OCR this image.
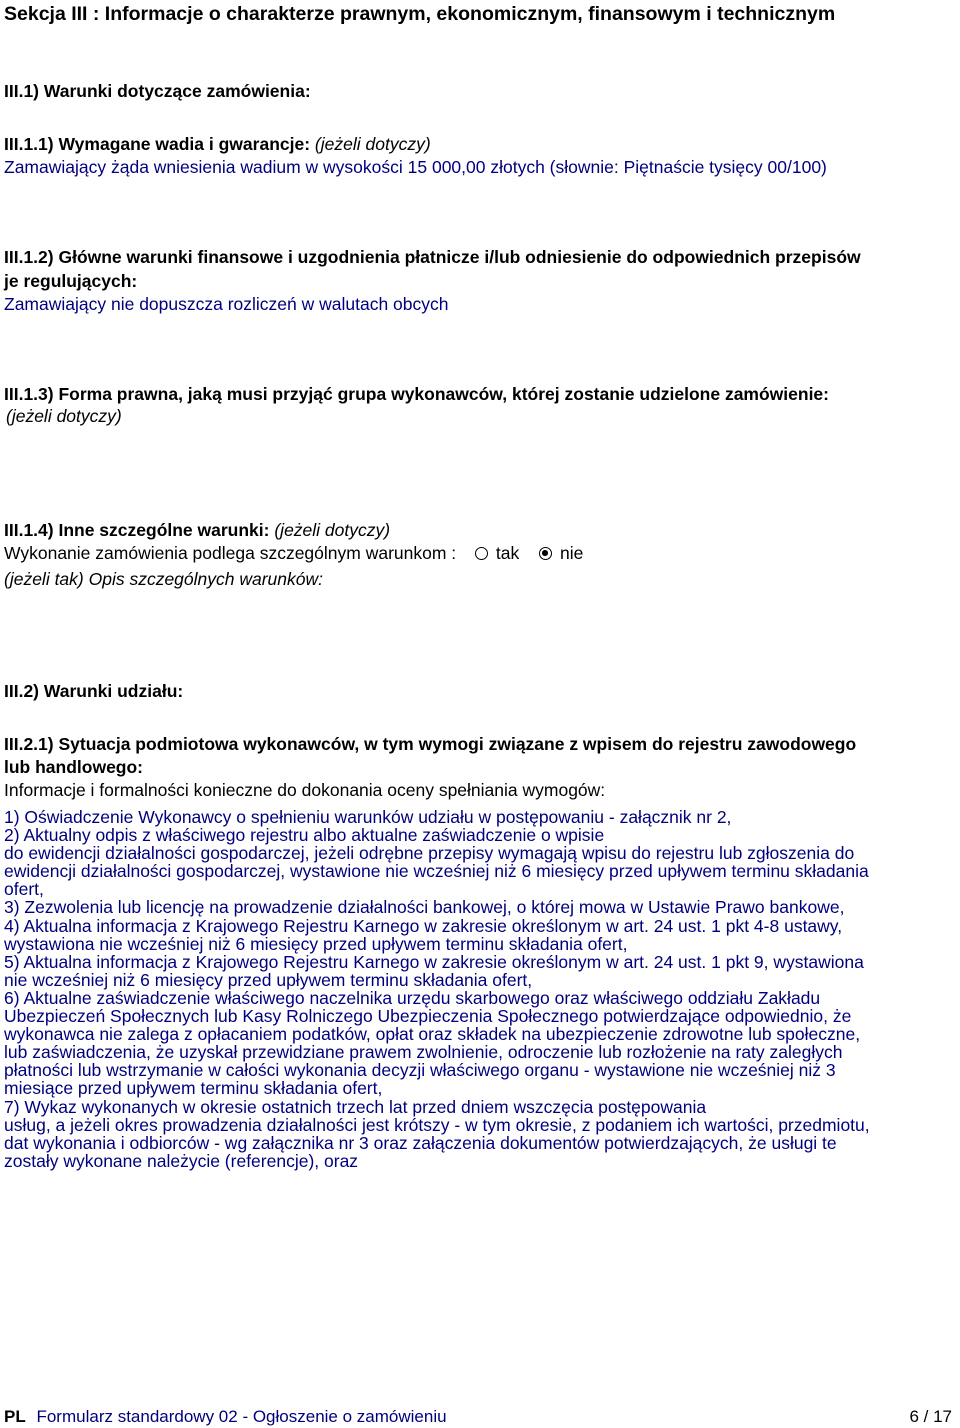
Sekcja III : Informacje o charakterze prawnym, ekonomicznym, finansowym i technicznym
III.1) Warunki dotyczące zamówienia:
III.1.1) Wymagane wadia i gwarancje: (jeżeli dotyczy)
Zamawiający żąda wniesienia wadium w wysokości 15 000,00 złotych (słownie: Piętnaście tysięcy 00/100)
III.1.2) Główne warunki finansowe i uzgodnienia płatnicze i/lub odniesienie do odpowiednich przepisów
je regulujących:
Zamawiający nie dopuszcza rozliczeń w walutach obcych
III.1.3) Forma prawna, jaką musi przyjąć grupa wykonawców, której zostanie udzielone zamówienie:
(jeżeli dotyczy)
III.1.4) Inne szczególne warunki: (jeżeli dotyczy)
Wykonanie zamówienia podlega szczególnym warunkom : tak nie
(jeżeli tak) Opis szczególnych warunków:
III.2) Warunki udziału:
III.2.1) Sytuacja podmiotowa wykonawców, w tym wymogi związane z wpisem do rejestru zawodowego
lub handlowego:
Informacje i formalności konieczne do dokonania oceny spełniania wymogów:
1) Oświadczenie Wykonawcy o spełnieniu warunków udziału w postępowaniu - załącznik nr 2,
2) Aktualny odpis z właściwego rejestru albo aktualne zaświadczenie o wpisie
do ewidencji działalności gospodarczej, jeżeli odrębne przepisy wymagają wpisu do rejestru lub zgłoszenia do
ewidencji działalności gospodarczej, wystawione nie wcześniej niż 6 miesięcy przed upływem terminu składania
ofert,
3) Zezwolenia lub licencję na prowadzenie działalności bankowej, o której mowa w Ustawie Prawo bankowe,
4) Aktualna informacja z Krajowego Rejestru Karnego w zakresie określonym w art. 24 ust. 1 pkt 4-8 ustawy,
wystawiona nie wcześniej niż 6 miesięcy przed upływem terminu składania ofert,
5) Aktualna informacja z Krajowego Rejestru Karnego w zakresie określonym w art. 24 ust. 1 pkt 9, wystawiona
nie wcześniej niż 6 miesięcy przed upływem terminu składania ofert,
6) Aktualne zaświadczenie właściwego naczelnika urzędu skarbowego oraz właściwego oddziału Zakładu
Ubezpieczeń Społecznych lub Kasy Rolniczego Ubezpieczenia Społecznego potwierdzające odpowiednio, że
wykonawca nie zalega z opłacaniem podatków, opłat oraz składek na ubezpieczenie zdrowotne lub społeczne,
lub zaświadczenia, że uzyskał przewidziane prawem zwolnienie, odroczenie lub rozłożenie na raty zaległych
płatności lub wstrzymanie w całości wykonania decyzji właściwego organu - wystawione nie wcześniej niż 3
miesiące przed upływem terminu składania ofert,
7) Wykaz wykonanych w okresie ostatnich trzech lat przed dniem wszczęcia postępowania
usług, a jeżeli okres prowadzenia działalności jest krótszy - w tym okresie, z podaniem ich wartości, przedmiotu,
dat wykonania i odbiorców - wg załącznika nr 3 oraz załączenia dokumentów potwierdzających, że usługi te
zostały wykonane należycie (referencje), oraz
PL Formularz standardowy 02 - Ogłoszenie o zamówieniu	6 / 17
